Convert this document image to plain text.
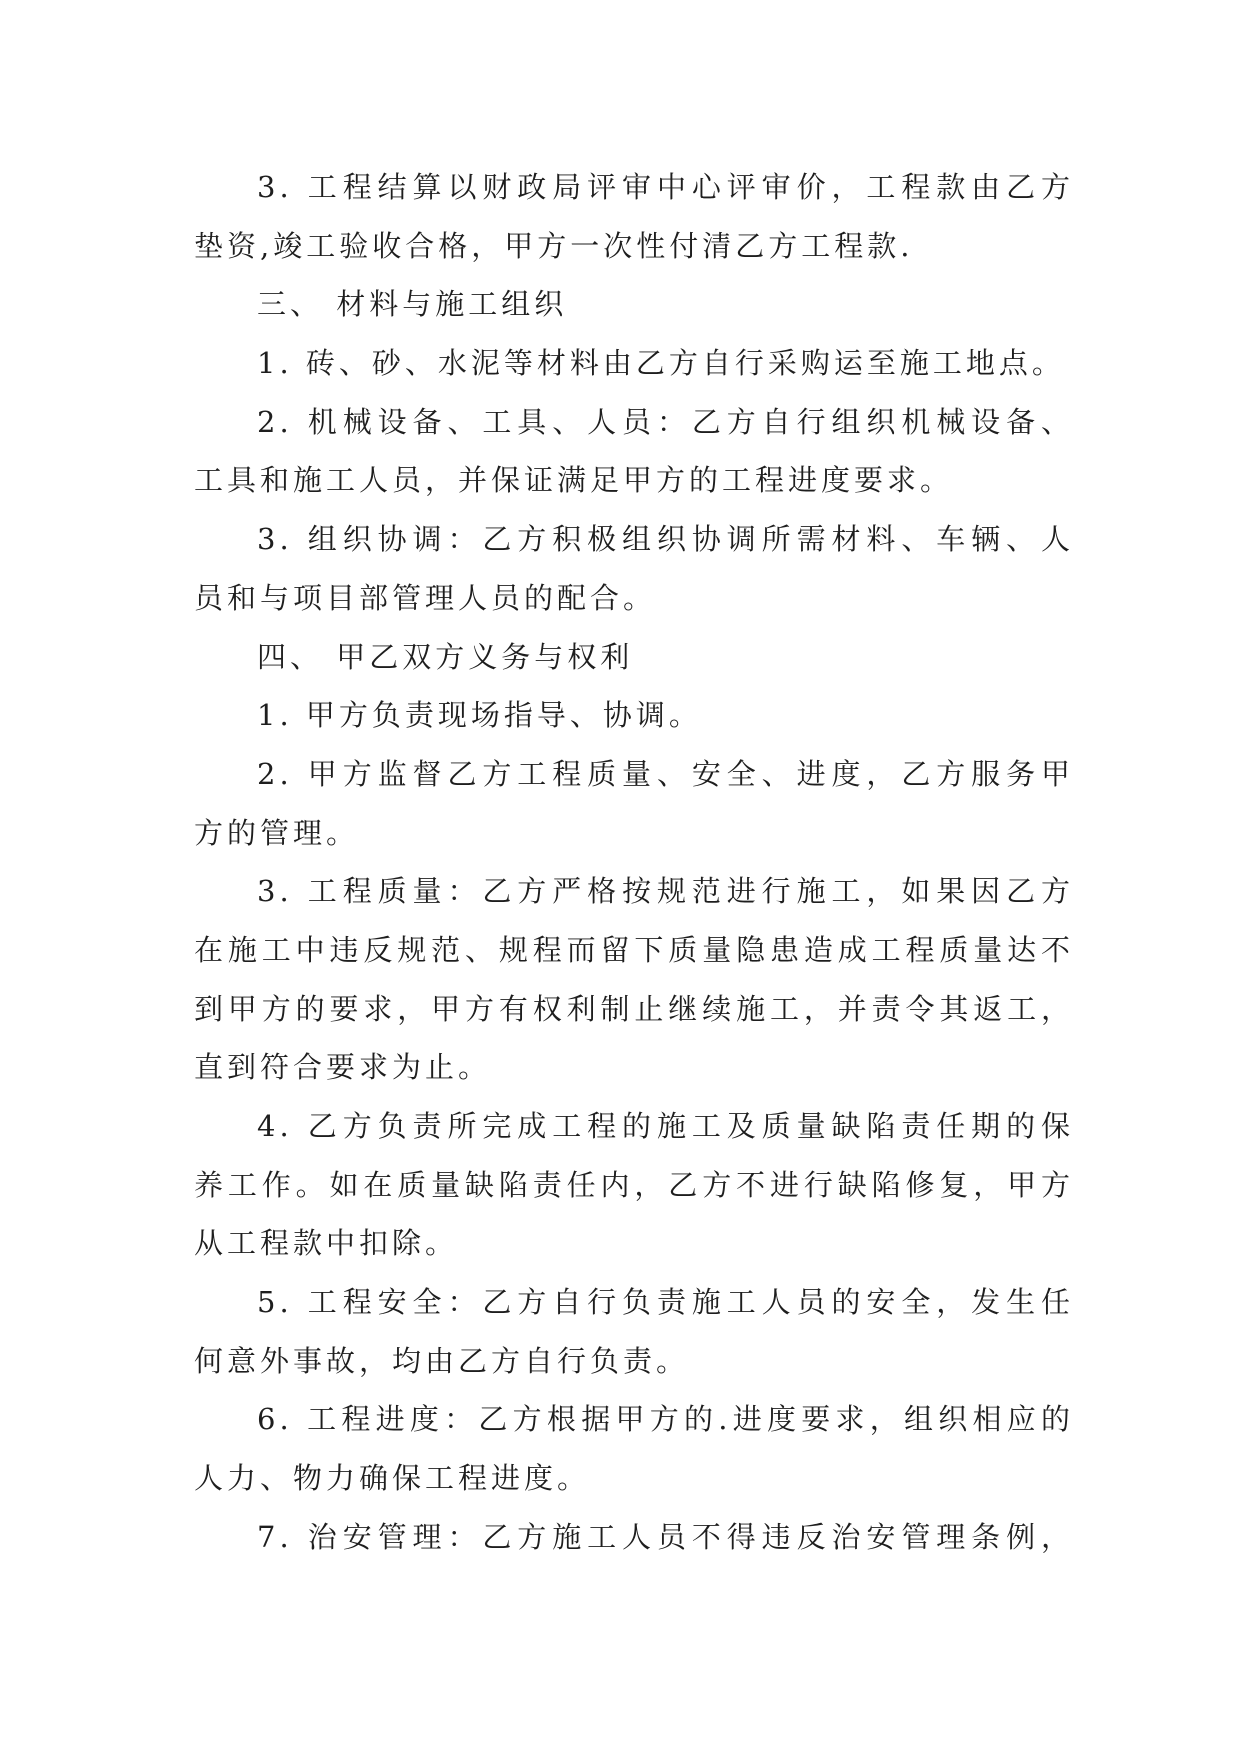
3. 工程结算以财政局评审中心评审价，工程款由乙方
垫资,竣工验收合格，甲方一次性付清乙方工程款.
三、 材料与施工组织
1. 砖、砂、水泥等材料由乙方自行采购运至施工地点。
2. 机械设备、工具、人员：乙方自行组织机械设备、
工具和施工人员，并保证满足甲方的工程进度要求。
3. 组织协调：乙方积极组织协调所需材料、车辆、人
员和与项目部管理人员的配合。
四、 甲乙双方义务与权利
1. 甲方负责现场指导、协调。
2. 甲方监督乙方工程质量、安全、进度，乙方服务甲
方的管理。
3. 工程质量：乙方严格按规范进行施工，如果因乙方
在施工中违反规范、规程而留下质量隐患造成工程质量达不
到甲方的要求，甲方有权利制止继续施工，并责令其返工，
直到符合要求为止。
4. 乙方负责所完成工程的施工及质量缺陷责任期的保
养工作。如在质量缺陷责任内，乙方不进行缺陷修复，甲方
从工程款中扣除。
5. 工程安全：乙方自行负责施工人员的安全，发生任
何意外事故，均由乙方自行负责。
6. 工程进度：乙方根据甲方的.进度要求，组织相应的
人力、物力确保工程进度。
7. 治安管理：乙方施工人员不得违反治安管理条例，
